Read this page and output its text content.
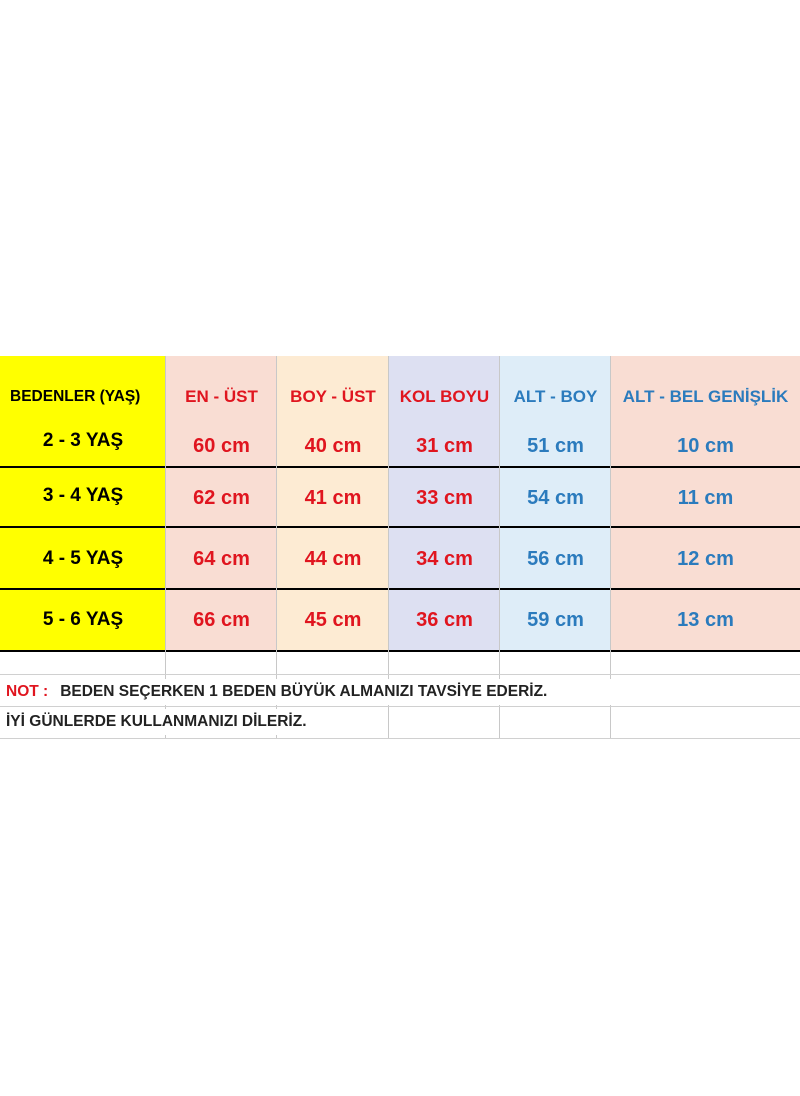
BEDENLER (YAŞ)	EN - ÜST	BOY - ÜST	KOL BOYU	ALT - BOY	ALT - BEL GENİŞLİK
2 - 3 YAŞ	60 cm	40 cm	31 cm	51 cm	10 cm
3 - 4 YAŞ	62 cm	41 cm	33 cm	54 cm	11 cm
4 - 5 YAŞ	64 cm	44 cm	34 cm	56 cm	12 cm
5 - 6 YAŞ	66 cm	45 cm	36 cm	59 cm	13 cm
NOT : BEDEN SEÇERKEN 1 BEDEN BÜYÜK ALMANIZI TAVSİYE EDERİZ.
İYİ GÜNLERDE KULLANMANIZI DİLERİZ.
